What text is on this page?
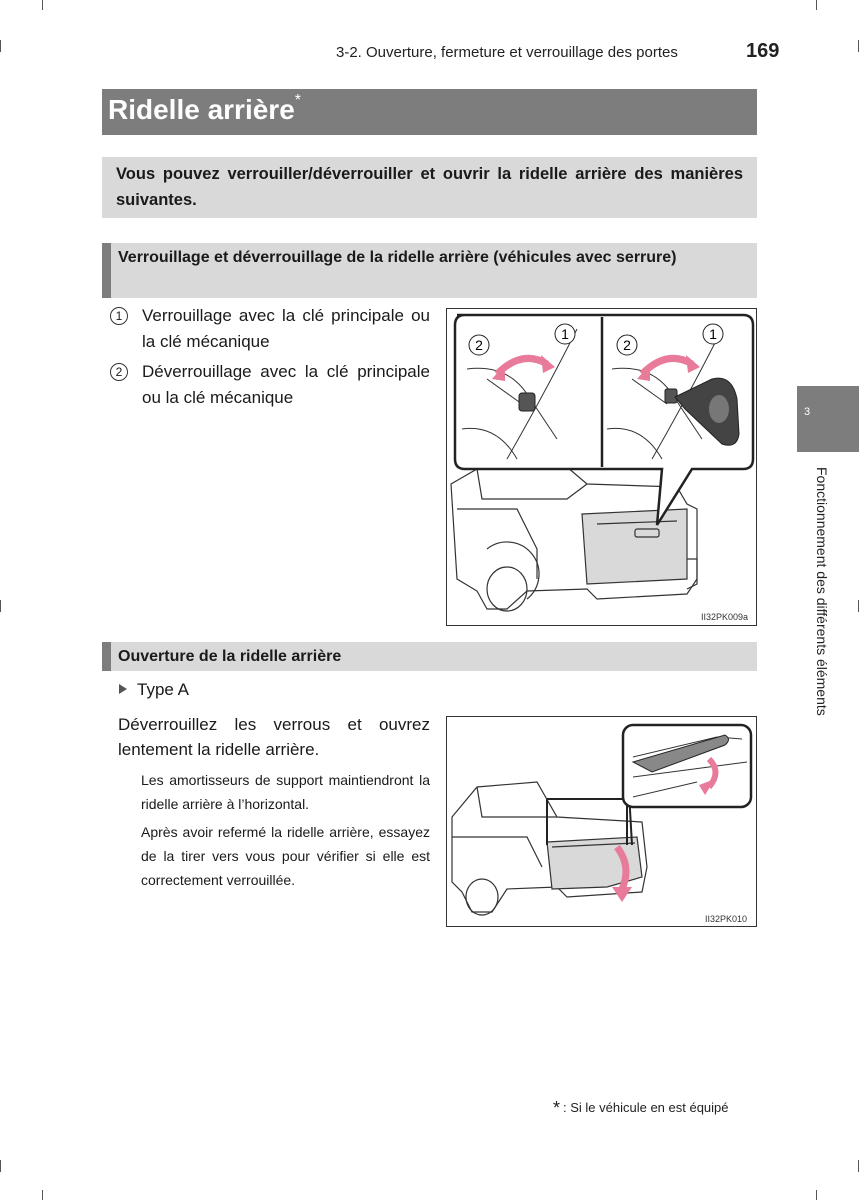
3-2. Ouverture, fermeture et verrouillage des portes	169
Ridelle arrière*
Vous pouvez verrouiller/déverrouiller et ouvrir la ridelle arrière des manières suivantes.
Verrouillage et déverrouillage de la ridelle arrière (véhicules avec serrure)
1	Verrouillage avec la clé principale ou la clé mécanique
2	Déverrouillage avec la clé principale ou la clé mécanique
2
1
2
1
II32PK009a
Ouverture de la ridelle arrière
Type A
Déverrouillez les verrous et ouvrez lentement la ridelle arrière.
Les amortisseurs de support maintiendront la ridelle arrière à l’horizontal.
Après avoir refermé la ridelle arrière, essayez de la tirer vers vous pour vérifier si elle est correctement verrouillée.
II32PK010
3
Fonctionnement des différents éléments
* : Si le véhicule en est équipé
